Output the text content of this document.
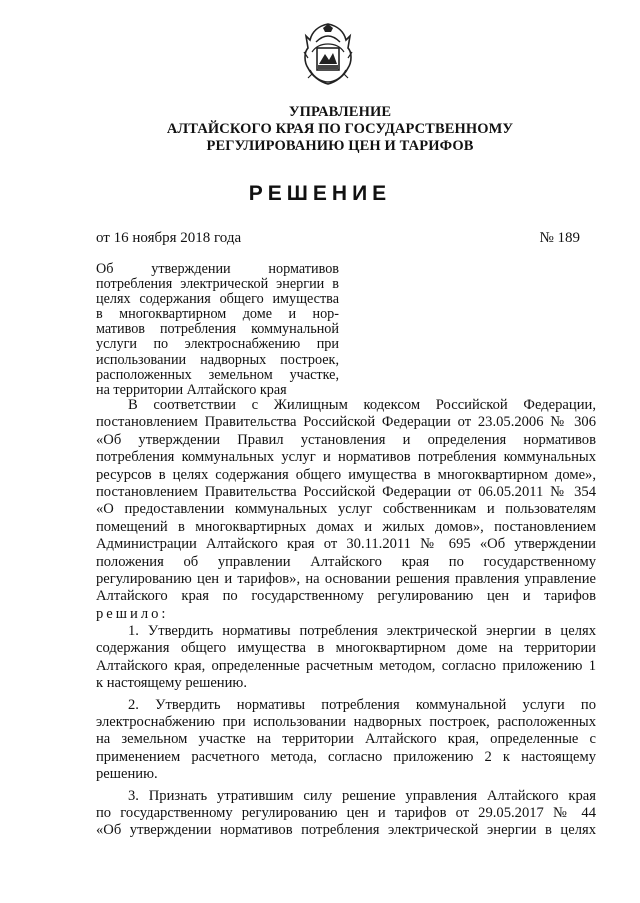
УПРАВЛЕНИЕ
АЛТАЙСКОГО КРАЯ ПО ГОСУДАРСТВЕННОМУ
РЕГУЛИРОВАНИЮ ЦЕН И ТАРИФОВ
РЕШЕНИЕ
от 16 ноября 2018 года	№ 189
Об утверждении нормативов
потребления электрической энергии в
целях содержания общего имущества
в многоквартирном доме и нор-
мативов потребления коммунальной
услуги по электроснабжению при
использовании надворных построек,
расположенных земельном участке,
на территории Алтайского края
В соответствии с Жилищным кодексом Российской Федерации,
постановлением Правительства Российской Федерации от 23.05.2006 № 306
«Об утверждении Правил установления и определения нормативов
потребления коммунальных услуг и нормативов потребления коммунальных
ресурсов в целях содержания общего имущества в многоквартирном доме»,
постановлением Правительства Российской Федерации от 06.05.2011 № 354
«О предоставлении коммунальных услуг собственникам и пользователям
помещений в многоквартирных домах и жилых домов», постановлением
Администрации Алтайского края от 30.11.2011 № 695 «Об утверждении
положения об управлении Алтайского края по государственному
регулированию цен и тарифов», на основании решения правления управление
Алтайского края по государственному регулированию цен и тарифов
решило:
1. Утвердить нормативы потребления электрической энергии в целях
содержания общего имущества в многоквартирном доме на территории
Алтайского края, определенные расчетным методом, согласно приложению 1
к настоящему решению.
2. Утвердить нормативы потребления коммунальной услуги по
электроснабжению при использовании надворных построек, расположенных
на земельном участке на территории Алтайского края, определенные с
применением расчетного метода, согласно приложению 2 к настоящему
решению.
3. Признать утратившим силу решение управления Алтайского края
по государственному регулированию цен и тарифов от 29.05.2017 № 44
«Об утверждении нормативов потребления электрической энергии в целях
